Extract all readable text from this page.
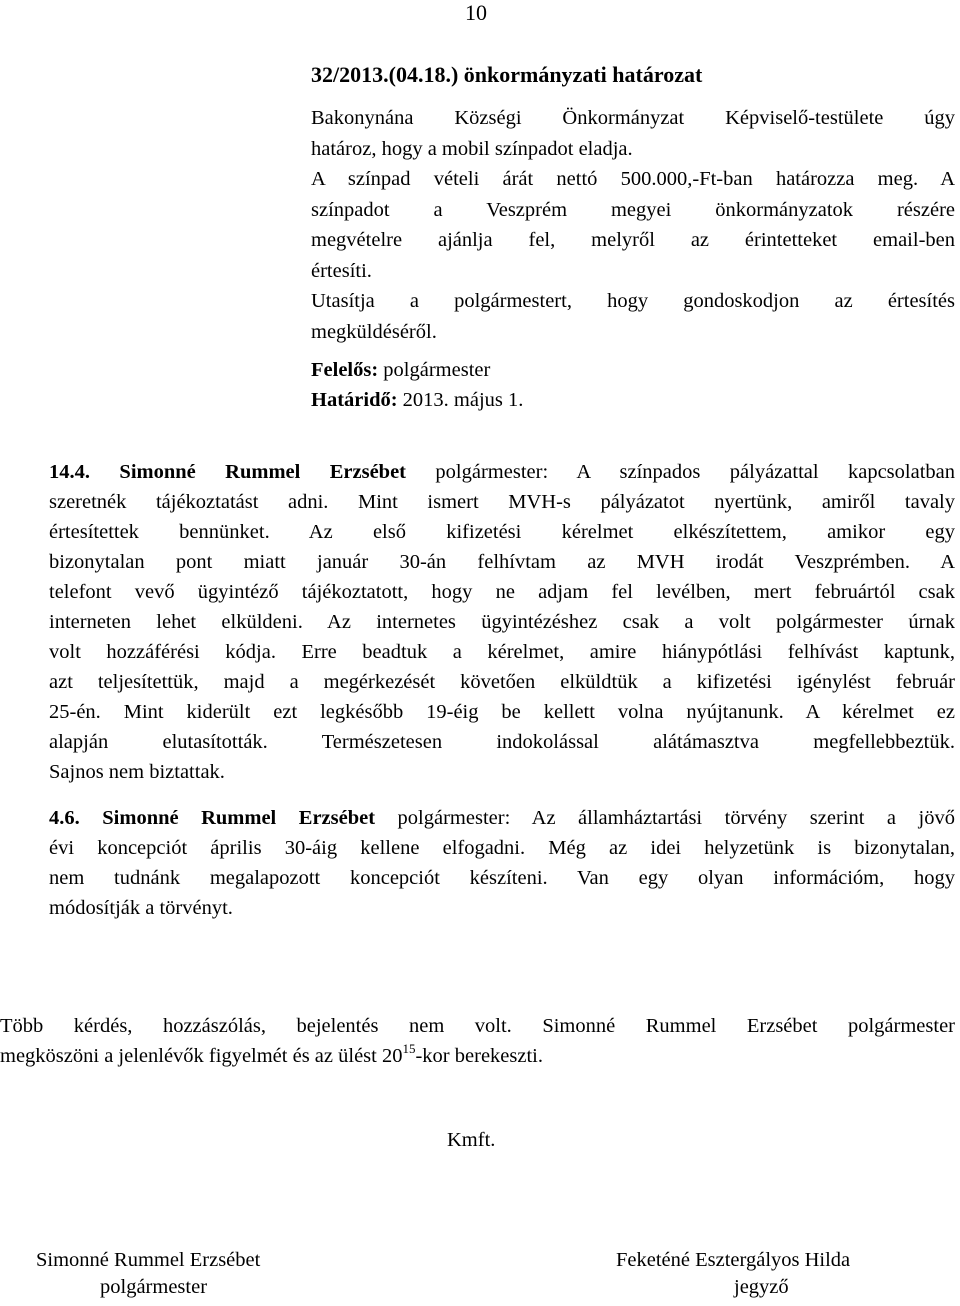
10
32/2013.(04.18.) önkormányzati határozat
Bakonynána Községi Önkormányzat Képviselő-testülete úgy
határoz, hogy a mobil színpadot eladja.
A színpad vételi árát nettó 500.000,-Ft-ban határozza meg. A
színpadot a Veszprém megyei önkormányzatok részére
megvételre ajánlja fel, melyről az érintetteket email-ben
értesíti.
Utasítja a polgármestert, hogy gondoskodjon az értesítés
megküldéséről.
Felelős: polgármester
Határidő: 2013. május 1.
14.4. Simonné Rummel Erzsébet polgármester: A színpados pályázattal kapcsolatban
szeretnék tájékoztatást adni. Mint ismert MVH-s pályázatot nyertünk, amiről tavaly
értesítettek bennünket. Az első kifizetési kérelmet elkészítettem, amikor egy
bizonytalan pont miatt január 30-án felhívtam az MVH irodát Veszprémben. A
telefont vevő ügyintéző tájékoztatott, hogy ne adjam fel levélben, mert februártól csak
interneten lehet elküldeni. Az internetes ügyintézéshez csak a volt polgármester úrnak
volt hozzáférési kódja. Erre beadtuk a kérelmet, amire hiánypótlási felhívást kaptunk,
azt teljesítettük, majd a megérkezését követően elküldtük a kifizetési igénylést február
25-én. Mint kiderült ezt legkésőbb 19-éig be kellett volna nyújtanunk. A kérelmet ez
alapján elutasították. Természetesen indokolással alátámasztva megfellebbeztük.
Sajnos nem biztattak.
4.6. Simonné Rummel Erzsébet polgármester: Az államháztartási törvény szerint a jövő
évi koncepciót április 30-áig kellene elfogadni. Még az idei helyzetünk is bizonytalan,
nem tudnánk megalapozott koncepciót készíteni. Van egy olyan információm, hogy
módosítják a törvényt.
Több kérdés, hozzászólás, bejelentés nem volt. Simonné Rummel Erzsébet polgármester
megköszöni a jelenlévők figyelmét és az ülést $20^{15}$-kor berekeszti.
Kmft.
Simonné Rummel Erzsébet
polgármester
Feketéné Esztergályos Hilda
jegyző
